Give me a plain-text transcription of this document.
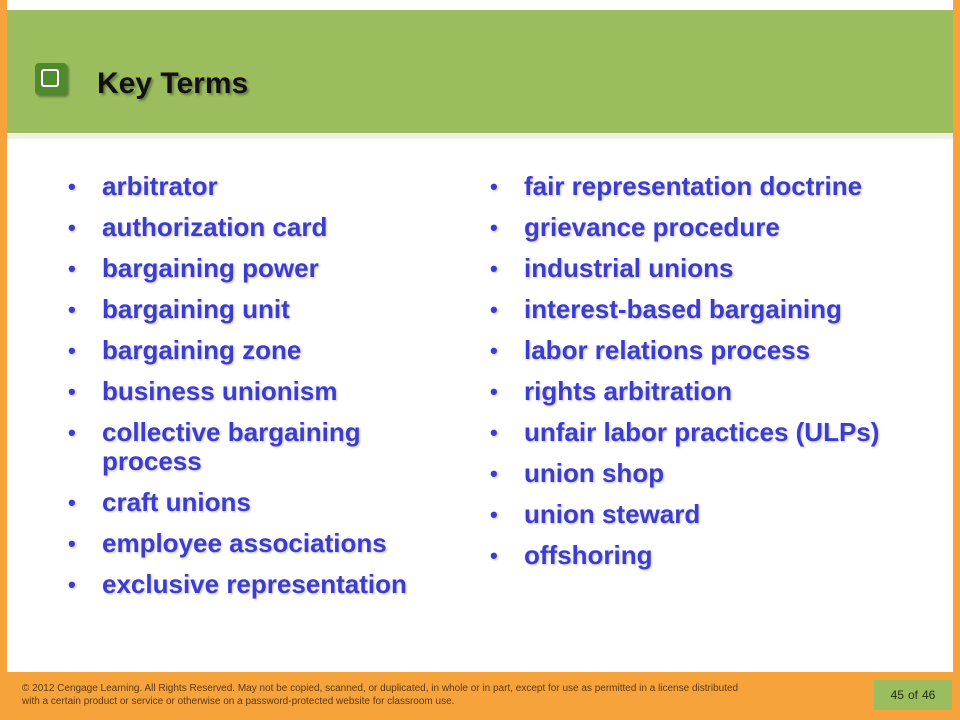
Key Terms
• arbitrator
• authorization card
• bargaining power
• bargaining unit
• bargaining zone
• business unionism
• collective bargaining process
• craft unions
• employee associations
• exclusive representation
• fair representation doctrine
• grievance procedure
• industrial unions
• interest-based bargaining
• labor relations process
• rights arbitration
• unfair labor practices (ULPs)
• union shop
• union steward
• offshoring
© 2012 Cengage Learning. All Rights Reserved. May not be copied, scanned, or duplicated, in whole or in part, except for use as permitted in a license distributed with a certain product or service or otherwise on a password-protected website for classroom use.	45 of 46
